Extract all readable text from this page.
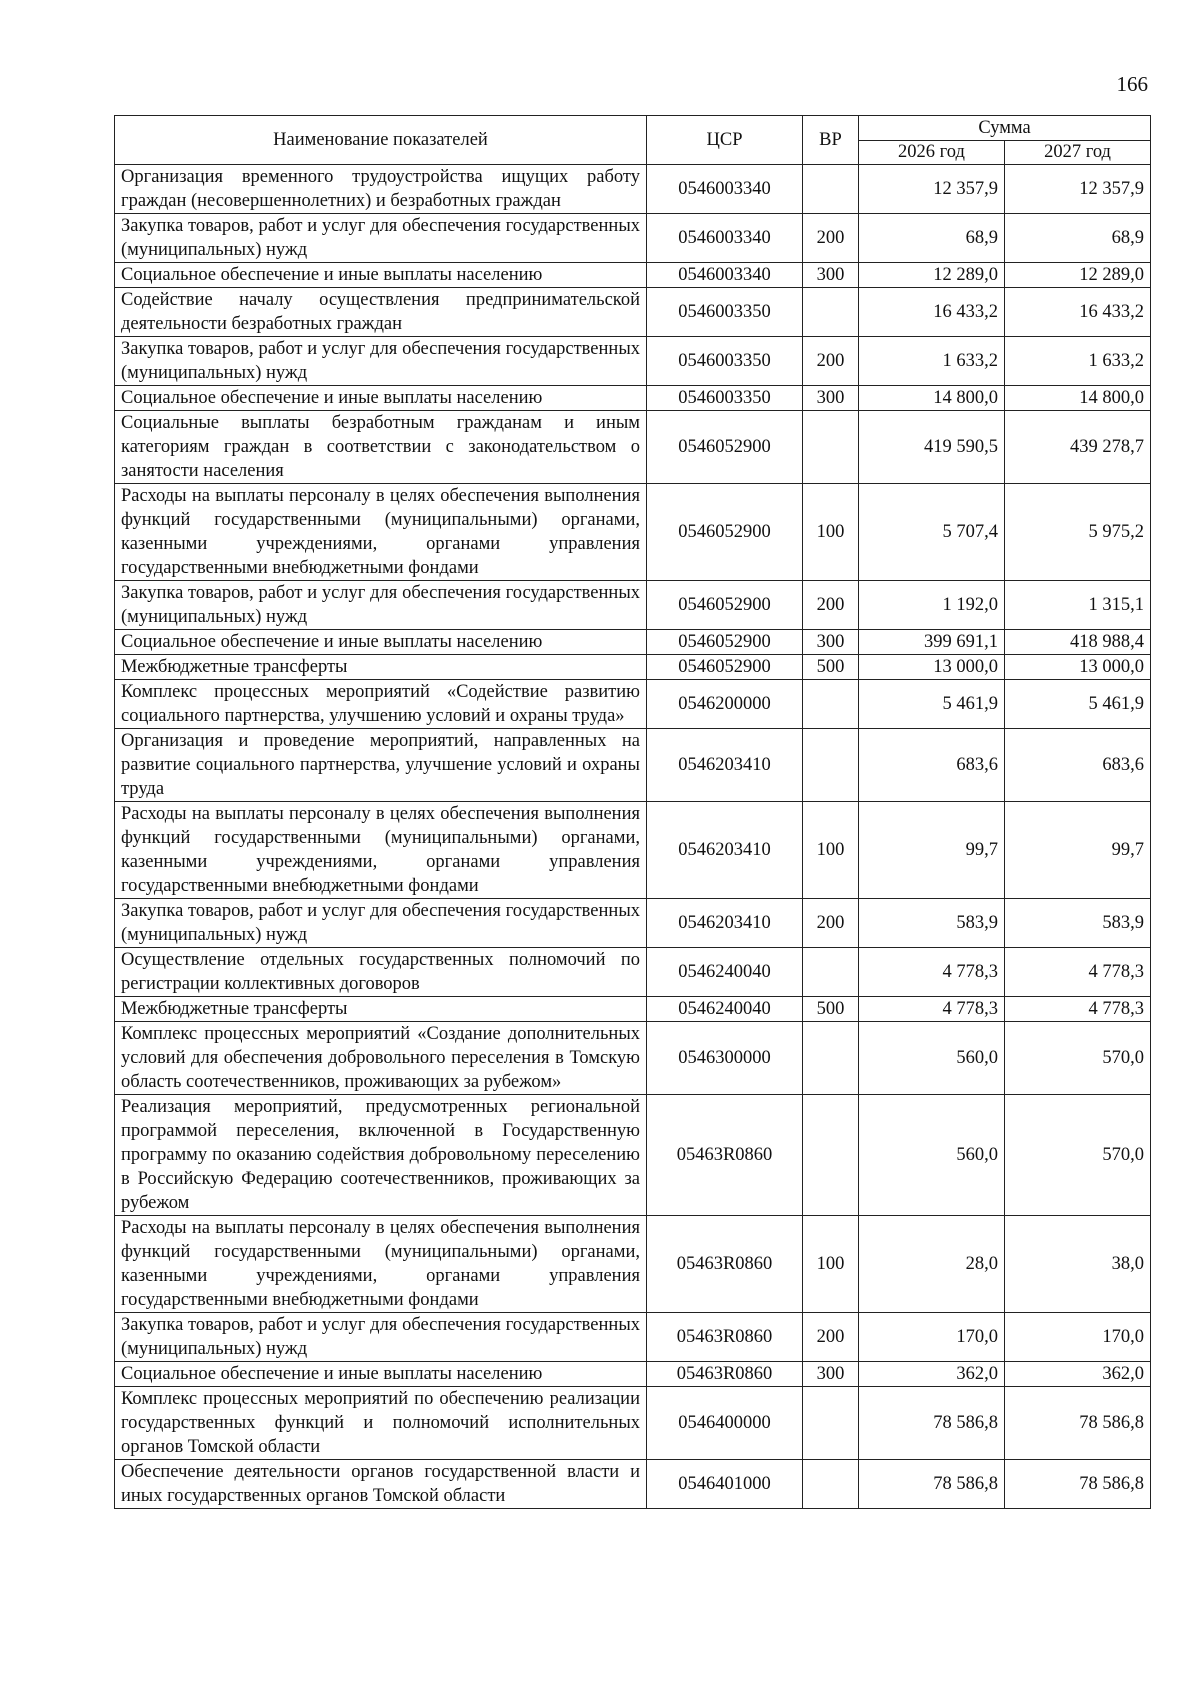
166
Наименование показателей	ЦСР	ВР	Сумма	
			2026 год	2027 год
Организация временного трудоустройства ищущих работу граждан (несовершеннолетних) и безработных граждан	0546003340		12 357,9	12 357,9
Закупка товаров, работ и услуг для обеспечения государственных (муниципальных) нужд	0546003340	200	68,9	68,9
Социальное обеспечение и иные выплаты населению	0546003340	300	12 289,0	12 289,0
Содействие началу осуществления предпринимательской деятельности безработных граждан	0546003350		16 433,2	16 433,2
Закупка товаров, работ и услуг для обеспечения государственных (муниципальных) нужд	0546003350	200	1 633,2	1 633,2
Социальное обеспечение и иные выплаты населению	0546003350	300	14 800,0	14 800,0
Социальные выплаты безработным гражданам и иным категориям граждан в соответствии с законодательством о занятости населения	0546052900		419 590,5	439 278,7
Расходы на выплаты персоналу в целях обеспечения выполнения функций государственными (муниципальными) органами, казенными учреждениями, органами управления государственными внебюджетными фондами	0546052900	100	5 707,4	5 975,2
Закупка товаров, работ и услуг для обеспечения государственных (муниципальных) нужд	0546052900	200	1 192,0	1 315,1
Социальное обеспечение и иные выплаты населению	0546052900	300	399 691,1	418 988,4
Межбюджетные трансферты	0546052900	500	13 000,0	13 000,0
Комплекс процессных мероприятий «Содействие развитию социального партнерства, улучшению условий и охраны труда»	0546200000		5 461,9	5 461,9
Организация и проведение мероприятий, направленных на развитие социального партнерства, улучшение условий и охраны труда	0546203410		683,6	683,6
Расходы на выплаты персоналу в целях обеспечения выполнения функций государственными (муниципальными) органами, казенными учреждениями, органами управления государственными внебюджетными фондами	0546203410	100	99,7	99,7
Закупка товаров, работ и услуг для обеспечения государственных (муниципальных) нужд	0546203410	200	583,9	583,9
Осуществление отдельных государственных полномочий по регистрации коллективных договоров	0546240040		4 778,3	4 778,3
Межбюджетные трансферты	0546240040	500	4 778,3	4 778,3
Комплекс процессных мероприятий «Создание дополнительных условий для обеспечения добровольного переселения в Томскую область соотечественников, проживающих за рубежом»	0546300000		560,0	570,0
Реализация мероприятий, предусмотренных региональной программой переселения, включенной в Государственную программу по оказанию содействия добровольному переселению в Российскую Федерацию соотечественников, проживающих за рубежом	05463R0860		560,0	570,0
Расходы на выплаты персоналу в целях обеспечения выполнения функций государственными (муниципальными) органами, казенными учреждениями, органами управления государственными внебюджетными фондами	05463R0860	100	28,0	38,0
Закупка товаров, работ и услуг для обеспечения государственных (муниципальных) нужд	05463R0860	200	170,0	170,0
Социальное обеспечение и иные выплаты населению	05463R0860	300	362,0	362,0
Комплекс процессных мероприятий по обеспечению реализации государственных функций и полномочий исполнительных органов Томской области	0546400000		78 586,8	78 586,8
Обеспечение деятельности органов государственной власти и иных государственных органов Томской области	0546401000		78 586,8	78 586,8
